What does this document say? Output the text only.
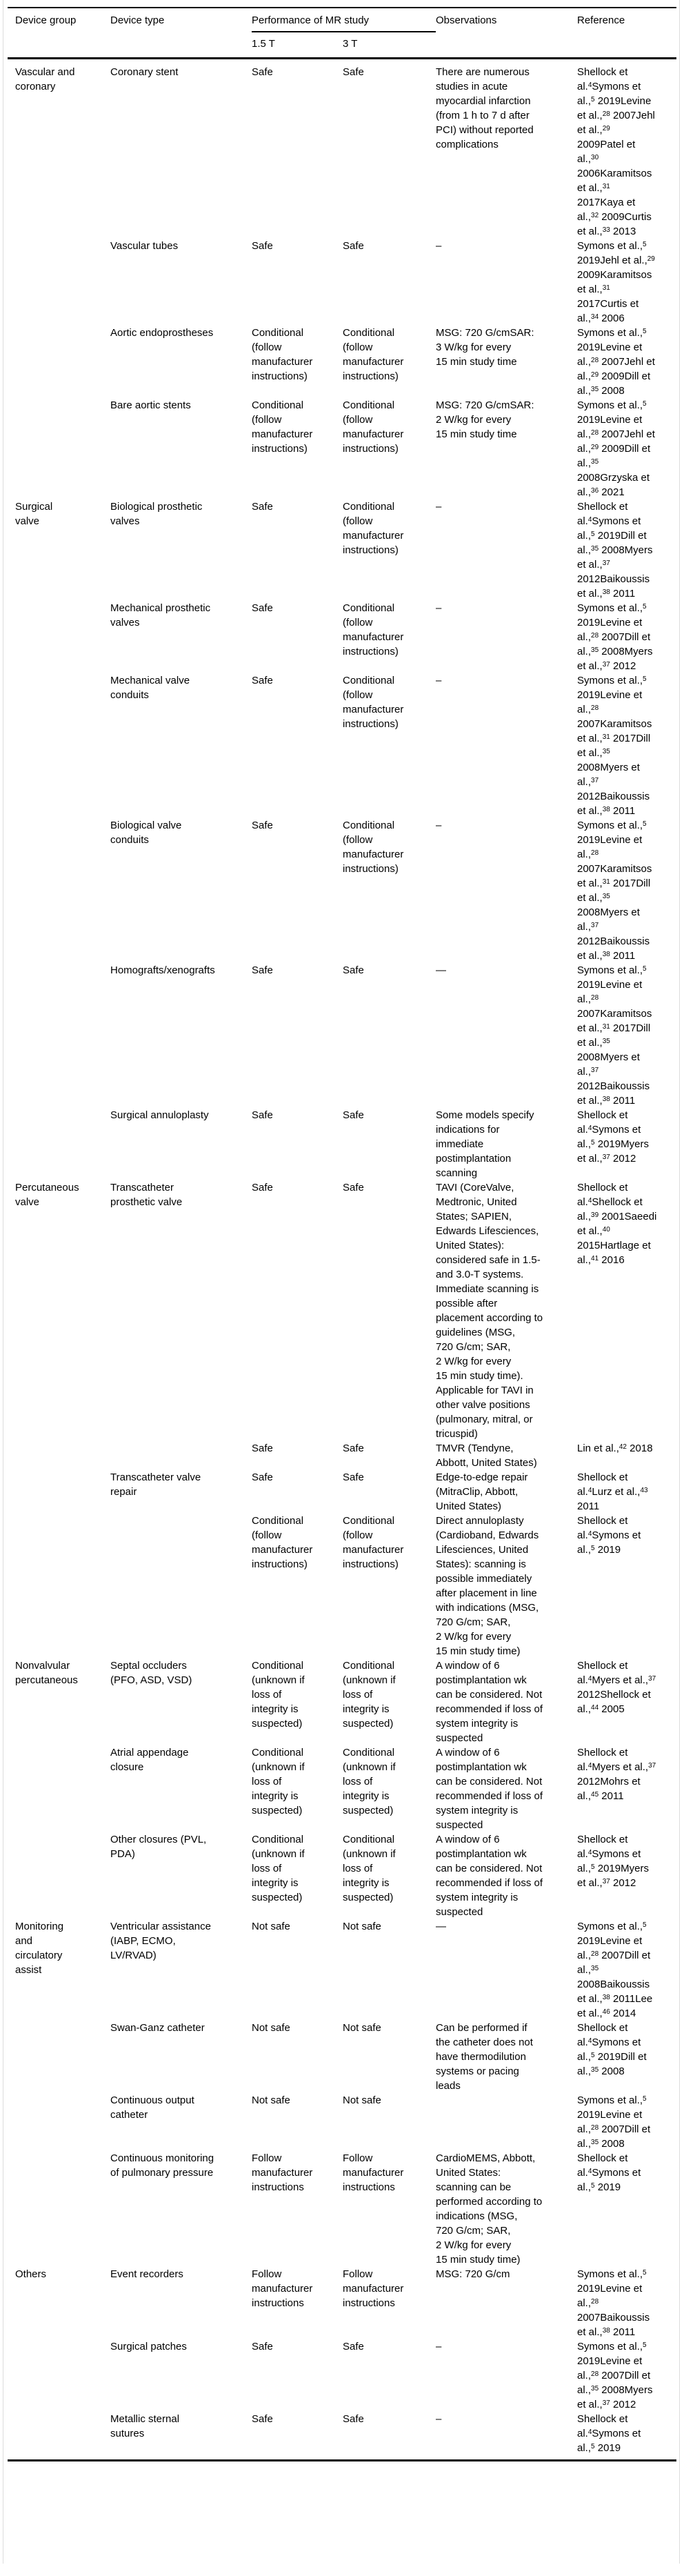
Device group	Device type	Performance of MR study		Observations	Reference
		1.5 T	3 T		
Vascular and coronary	Coronary stent	Safe	Safe	There are numerous studies in acute myocardial infarction (from 1 h to 7 d after PCI) without reported complications	Shellock et al.$^4$Symons et al.,$^5$ 2019Levine et al.,$^{28}$ 2007Jehl et al.,$^{29}$ 2009Patel et al.,$^{30}$ 2006Karamitsos et al.,$^{31}$ 2017Kaya et al.,$^{32}$ 2009Curtis et al.,$^{33}$ 2013
	Vascular tubes	Safe	Safe	–	Symons et al.,$^5$ 2019Jehl et al.,$^{29}$ 2009Karamitsos et al.,$^{31}$ 2017Curtis et al.,$^{34}$ 2006
	Aortic endoprostheses	Conditional (follow manufacturer instructions)	Conditional (follow manufacturer instructions)	MSG: 720 G/cmSAR: 3 W/kg for every 15 min study time	Symons et al.,$^5$ 2019Levine et al.,$^{28}$ 2007Jehl et al.,$^{29}$ 2009Dill et al.,$^{35}$ 2008
	Bare aortic stents	Conditional (follow manufacturer instructions)	Conditional (follow manufacturer instructions)	MSG: 720 G/cmSAR: 2 W/kg for every 15 min study time	Symons et al.,$^5$ 2019Levine et al.,$^{28}$ 2007Jehl et al.,$^{29}$ 2009Dill et al.,$^{35}$ 2008Grzyska et al.,$^{36}$ 2021
Surgical valve	Biological prosthetic valves	Safe	Conditional (follow manufacturer instructions)	–	Shellock et al.$^4$Symons et al.,$^5$ 2019Dill et al.,$^{35}$ 2008Myers et al.,$^{37}$ 2012Baikoussis et al.,$^{38}$ 2011
	Mechanical prosthetic valves	Safe	Conditional (follow manufacturer instructions)	–	Symons et al.,$^5$ 2019Levine et al.,$^{28}$ 2007Dill et al.,$^{35}$ 2008Myers et al.,$^{37}$ 2012
	Mechanical valve conduits	Safe	Conditional (follow manufacturer instructions)	–	Symons et al.,$^5$ 2019Levine et al.,$^{28}$ 2007Karamitsos et al.,$^{31}$ 2017Dill et al.,$^{35}$ 2008Myers et al.,$^{37}$ 2012Baikoussis et al.,$^{38}$ 2011
	Biological valve conduits	Safe	Conditional (follow manufacturer instructions)	–	Symons et al.,$^5$ 2019Levine et al.,$^{28}$ 2007Karamitsos et al.,$^{31}$ 2017Dill et al.,$^{35}$ 2008Myers et al.,$^{37}$ 2012Baikoussis et al.,$^{38}$ 2011
	Homografts/xenografts	Safe	Safe	—	Symons et al.,$^5$ 2019Levine et al.,$^{28}$ 2007Karamitsos et al.,$^{31}$ 2017Dill et al.,$^{35}$ 2008Myers et al.,$^{37}$ 2012Baikoussis et al.,$^{38}$ 2011
	Surgical annuloplasty	Safe	Safe	Some models specify indications for immediate postimplantation scanning	Shellock et al.$^4$Symons et al.,$^5$ 2019Myers et al.,$^{37}$ 2012
Percutaneous valve	Transcatheter prosthetic valve	Safe	Safe	TAVI (CoreValve, Medtronic, United States; SAPIEN, Edwards Lifesciences, United States): considered safe in 1.5- and 3.0-T systems. Immediate scanning is possible after placement according to guidelines (MSG, 720 G/cm; SAR, 2 W/kg for every 15 min study time). Applicable for TAVI in other valve positions (pulmonary, mitral, or tricuspid)	Shellock et al.$^4$Shellock et al.,$^{39}$ 2001Saeedi et al.,$^{40}$ 2015Hartlage et al.,$^{41}$ 2016
		Safe	Safe	TMVR (Tendyne, Abbott, United States)	Lin et al.,$^{42}$ 2018
	Transcatheter valve repair	Safe	Safe	Edge-to-edge repair (MitraClip, Abbott, United States)	Shellock et al.$^4$Lurz et al.,$^{43}$ 2011
		Conditional (follow manufacturer instructions)	Conditional (follow manufacturer instructions)	Direct annuloplasty (Cardioband, Edwards Lifesciences, United States): scanning is possible immediately after placement in line with indications (MSG, 720 G/cm; SAR, 2 W/kg for every 15 min study time)	Shellock et al.$^4$Symons et al.,$^5$ 2019
Nonvalvular percutaneous	Septal occluders (PFO, ASD, VSD)	Conditional (unknown if loss of integrity is suspected)	Conditional (unknown if loss of integrity is suspected)	A window of 6 postimplantation wk can be considered. Not recommended if loss of system integrity is suspected	Shellock et al.$^4$Myers et al.,$^{37}$ 2012Shellock et al.,$^{44}$ 2005
	Atrial appendage closure	Conditional (unknown if loss of integrity is suspected)	Conditional (unknown if loss of integrity is suspected)	A window of 6 postimplantation wk can be considered. Not recommended if loss of system integrity is suspected	Shellock et al.$^4$Myers et al.,$^{37}$ 2012Mohrs et al.,$^{45}$ 2011
	Other closures (PVL, PDA)	Conditional (unknown if loss of integrity is suspected)	Conditional (unknown if loss of integrity is suspected)	A window of 6 postimplantation wk can be considered. Not recommended if loss of system integrity is suspected	Shellock et al.$^4$Symons et al.,$^5$ 2019Myers et al.,$^{37}$ 2012
Monitoring and circulatory assist	Ventricular assistance (IABP, ECMO, LV/RVAD)	Not safe	Not safe	—	Symons et al.,$^5$ 2019Levine et al.,$^{28}$ 2007Dill et al.,$^{35}$ 2008Baikoussis et al.,$^{38}$ 2011Lee et al.,$^{46}$ 2014
	Swan-Ganz catheter	Not safe	Not safe	Can be performed if the catheter does not have thermodilution systems or pacing leads	Shellock et al.$^4$Symons et al.,$^5$ 2019Dill et al.,$^{35}$ 2008
	Continuous output catheter	Not safe	Not safe		Symons et al.,$^5$ 2019Levine et al.,$^{28}$ 2007Dill et al.,$^{35}$ 2008
	Continuous monitoring of pulmonary pressure	Follow manufacturer instructions	Follow manufacturer instructions	CardioMEMS, Abbott, United States: scanning can be performed according to indications (MSG, 720 G/cm; SAR, 2 W/kg for every 15 min study time)	Shellock et al.$^4$Symons et al.,$^5$ 2019
Others	Event recorders	Follow manufacturer instructions	Follow manufacturer instructions	MSG: 720 G/cm	Symons et al.,$^5$ 2019Levine et al.,$^{28}$ 2007Baikoussis et al.,$^{38}$ 2011
	Surgical patches	Safe	Safe	–	Symons et al.,$^5$ 2019Levine et al.,$^{28}$ 2007Dill et al.,$^{35}$ 2008Myers et al.,$^{37}$ 2012
	Metallic sternal sutures	Safe	Safe	–	Shellock et al.$^4$Symons et al.,$^5$ 2019
